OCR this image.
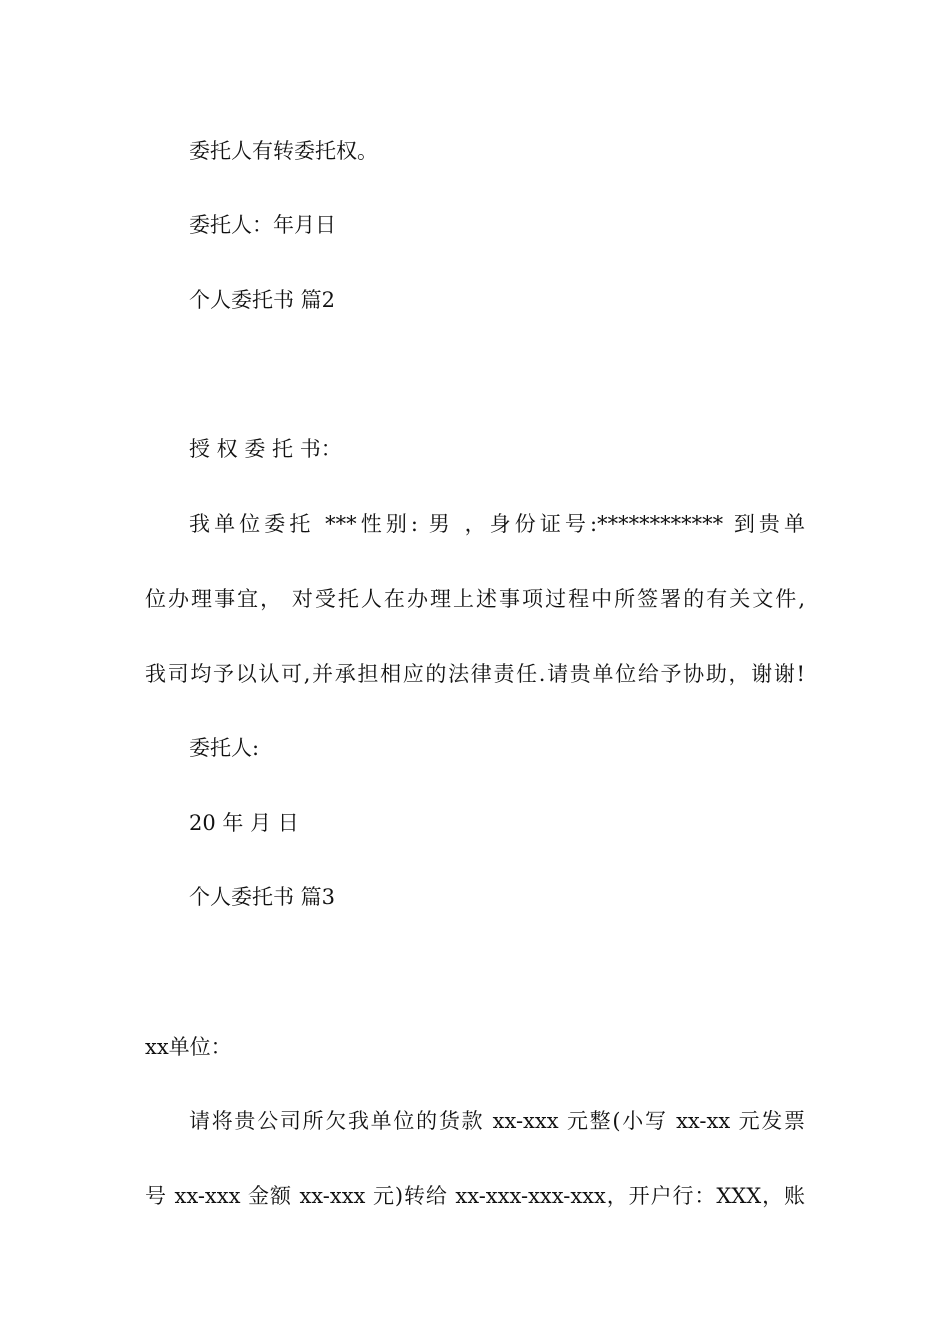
委托人有转委托权。
委托人：年月日
个人委托书 篇2
授 权 委 托 书：
我单位委托 ***性别: 男 ，身份证号:************ 到贵单
位办理事宜， 对受托人在办理上述事项过程中所签署的有关文件,
我司均予以认可,并承担相应的法律责任.请贵单位给予协助，谢谢!
委托人:
20 年 月 日
个人委托书 篇3
xx单位：
请将贵公司所欠我单位的货款 xx-xxx 元整(小写 xx-xx 元发票
号 xx-xxx 金额 xx-xxx 元)转给 xx-xxx-xxx-xxx，开户行：XXX，账
